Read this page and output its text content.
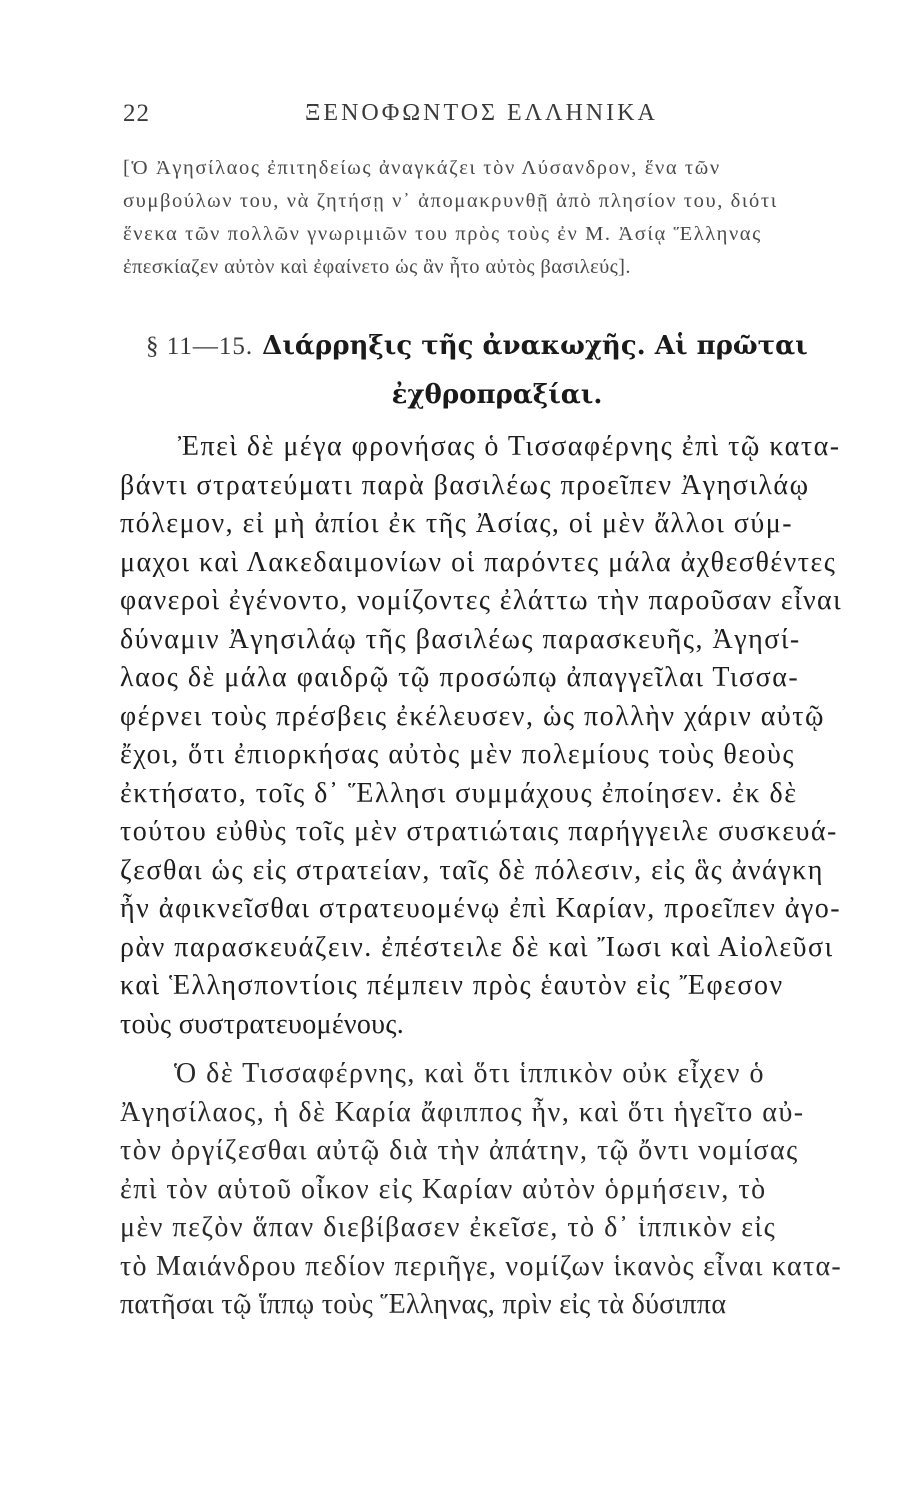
22	ΞΕΝΟΦΩΝΤΟΣ ΕΛΛΗΝΙΚΑ

[Ὁ Ἀγησίλαος ἐπιτηδείως ἀναγκάζει τὸν Λύσανδρον, ἕνα τῶν
συμβούλων του, νὰ ζητήσῃ ν᾽ ἀπομακρυνθῇ ἀπὸ πλησίον του, διότι
ἕνεκα τῶν πολλῶν γνωριμιῶν του πρὸς τοὺς ἐν Μ. Ἀσίᾳ Ἕλληνας
ἐπεσκίαζεν αὐτὸν καὶ ἐφαίνετο ὡς ἂν ἦτο αὐτὸς βασιλεύς].

§ 11—15. Διάρρηξις τῆς ἀνακωχῆς. Αἱ πρῶται
ἐχθροπραξίαι.

Ἐπεὶ δὲ μέγα φρονήσας ὁ Τισσαφέρνης ἐπὶ τῷ κατα-
βάντι στρατεύματι παρὰ βασιλέως προεῖπεν Ἀγησιλάῳ
πόλεμον, εἰ μὴ ἀπίοι ἐκ τῆς Ἀσίας, οἱ μὲν ἄλλοι σύμ-
μαχοι καὶ Λακεδαιμονίων οἱ παρόντες μάλα ἀχθεσθέντες
φανεροὶ ἐγένοντο, νομίζοντες ἐλάττω τὴν παροῦσαν εἶναι
δύναμιν Ἀγησιλάῳ τῆς βασιλέως παρασκευῆς, Ἀγησί-
λαος δὲ μάλα φαιδρῷ τῷ προσώπῳ ἀπαγγεῖλαι Τισσα-
φέρνει τοὺς πρέσβεις ἐκέλευσεν, ὡς πολλὴν χάριν αὐτῷ
ἔχοι, ὅτι ἐπιορκήσας αὐτὸς μὲν πολεμίους τοὺς θεοὺς
ἐκτήσατο, τοῖς δ᾽ Ἕλλησι συμμάχους ἐποίησεν. ἐκ δὲ
τούτου εὐθὺς τοῖς μὲν στρατιώταις παρήγγειλε συσκευά-
ζεσθαι ὡς εἰς στρατείαν, ταῖς δὲ πόλεσιν, εἰς ἃς ἀνάγκη
ἦν ἀφικνεῖσθαι στρατευομένῳ ἐπὶ Καρίαν, προεῖπεν ἀγο-
ρὰν παρασκευάζειν. ἐπέστειλε δὲ καὶ Ἴωσι καὶ Αἰολεῦσι
καὶ Ἑλλησποντίοις πέμπειν πρὸς ἑαυτὸν εἰς Ἔφεσον
τοὺς συστρατευομένους.

Ὁ δὲ Τισσαφέρνης, καὶ ὅτι ἱππικὸν οὐκ εἶχεν ὁ
Ἀγησίλαος, ἡ δὲ Καρία ἄφιππος ἦν, καὶ ὅτι ἡγεῖτο αὐ-
τὸν ὀργίζεσθαι αὐτῷ διὰ τὴν ἀπάτην, τῷ ὄντι νομίσας
ἐπὶ τὸν αὑτοῦ οἶκον εἰς Καρίαν αὐτὸν ὁρμήσειν, τὸ
μὲν πεζὸν ἅπαν διεβίβασεν ἐκεῖσε, τὸ δ᾽ ἱππικὸν εἰς
τὸ Μαιάνδρου πεδίον περιῆγε, νομίζων ἱκανὸς εἶναι κατα-
πατῆσαι τῷ ἵππῳ τοὺς Ἕλληνας, πρὶν εἰς τὰ δύσιππα
